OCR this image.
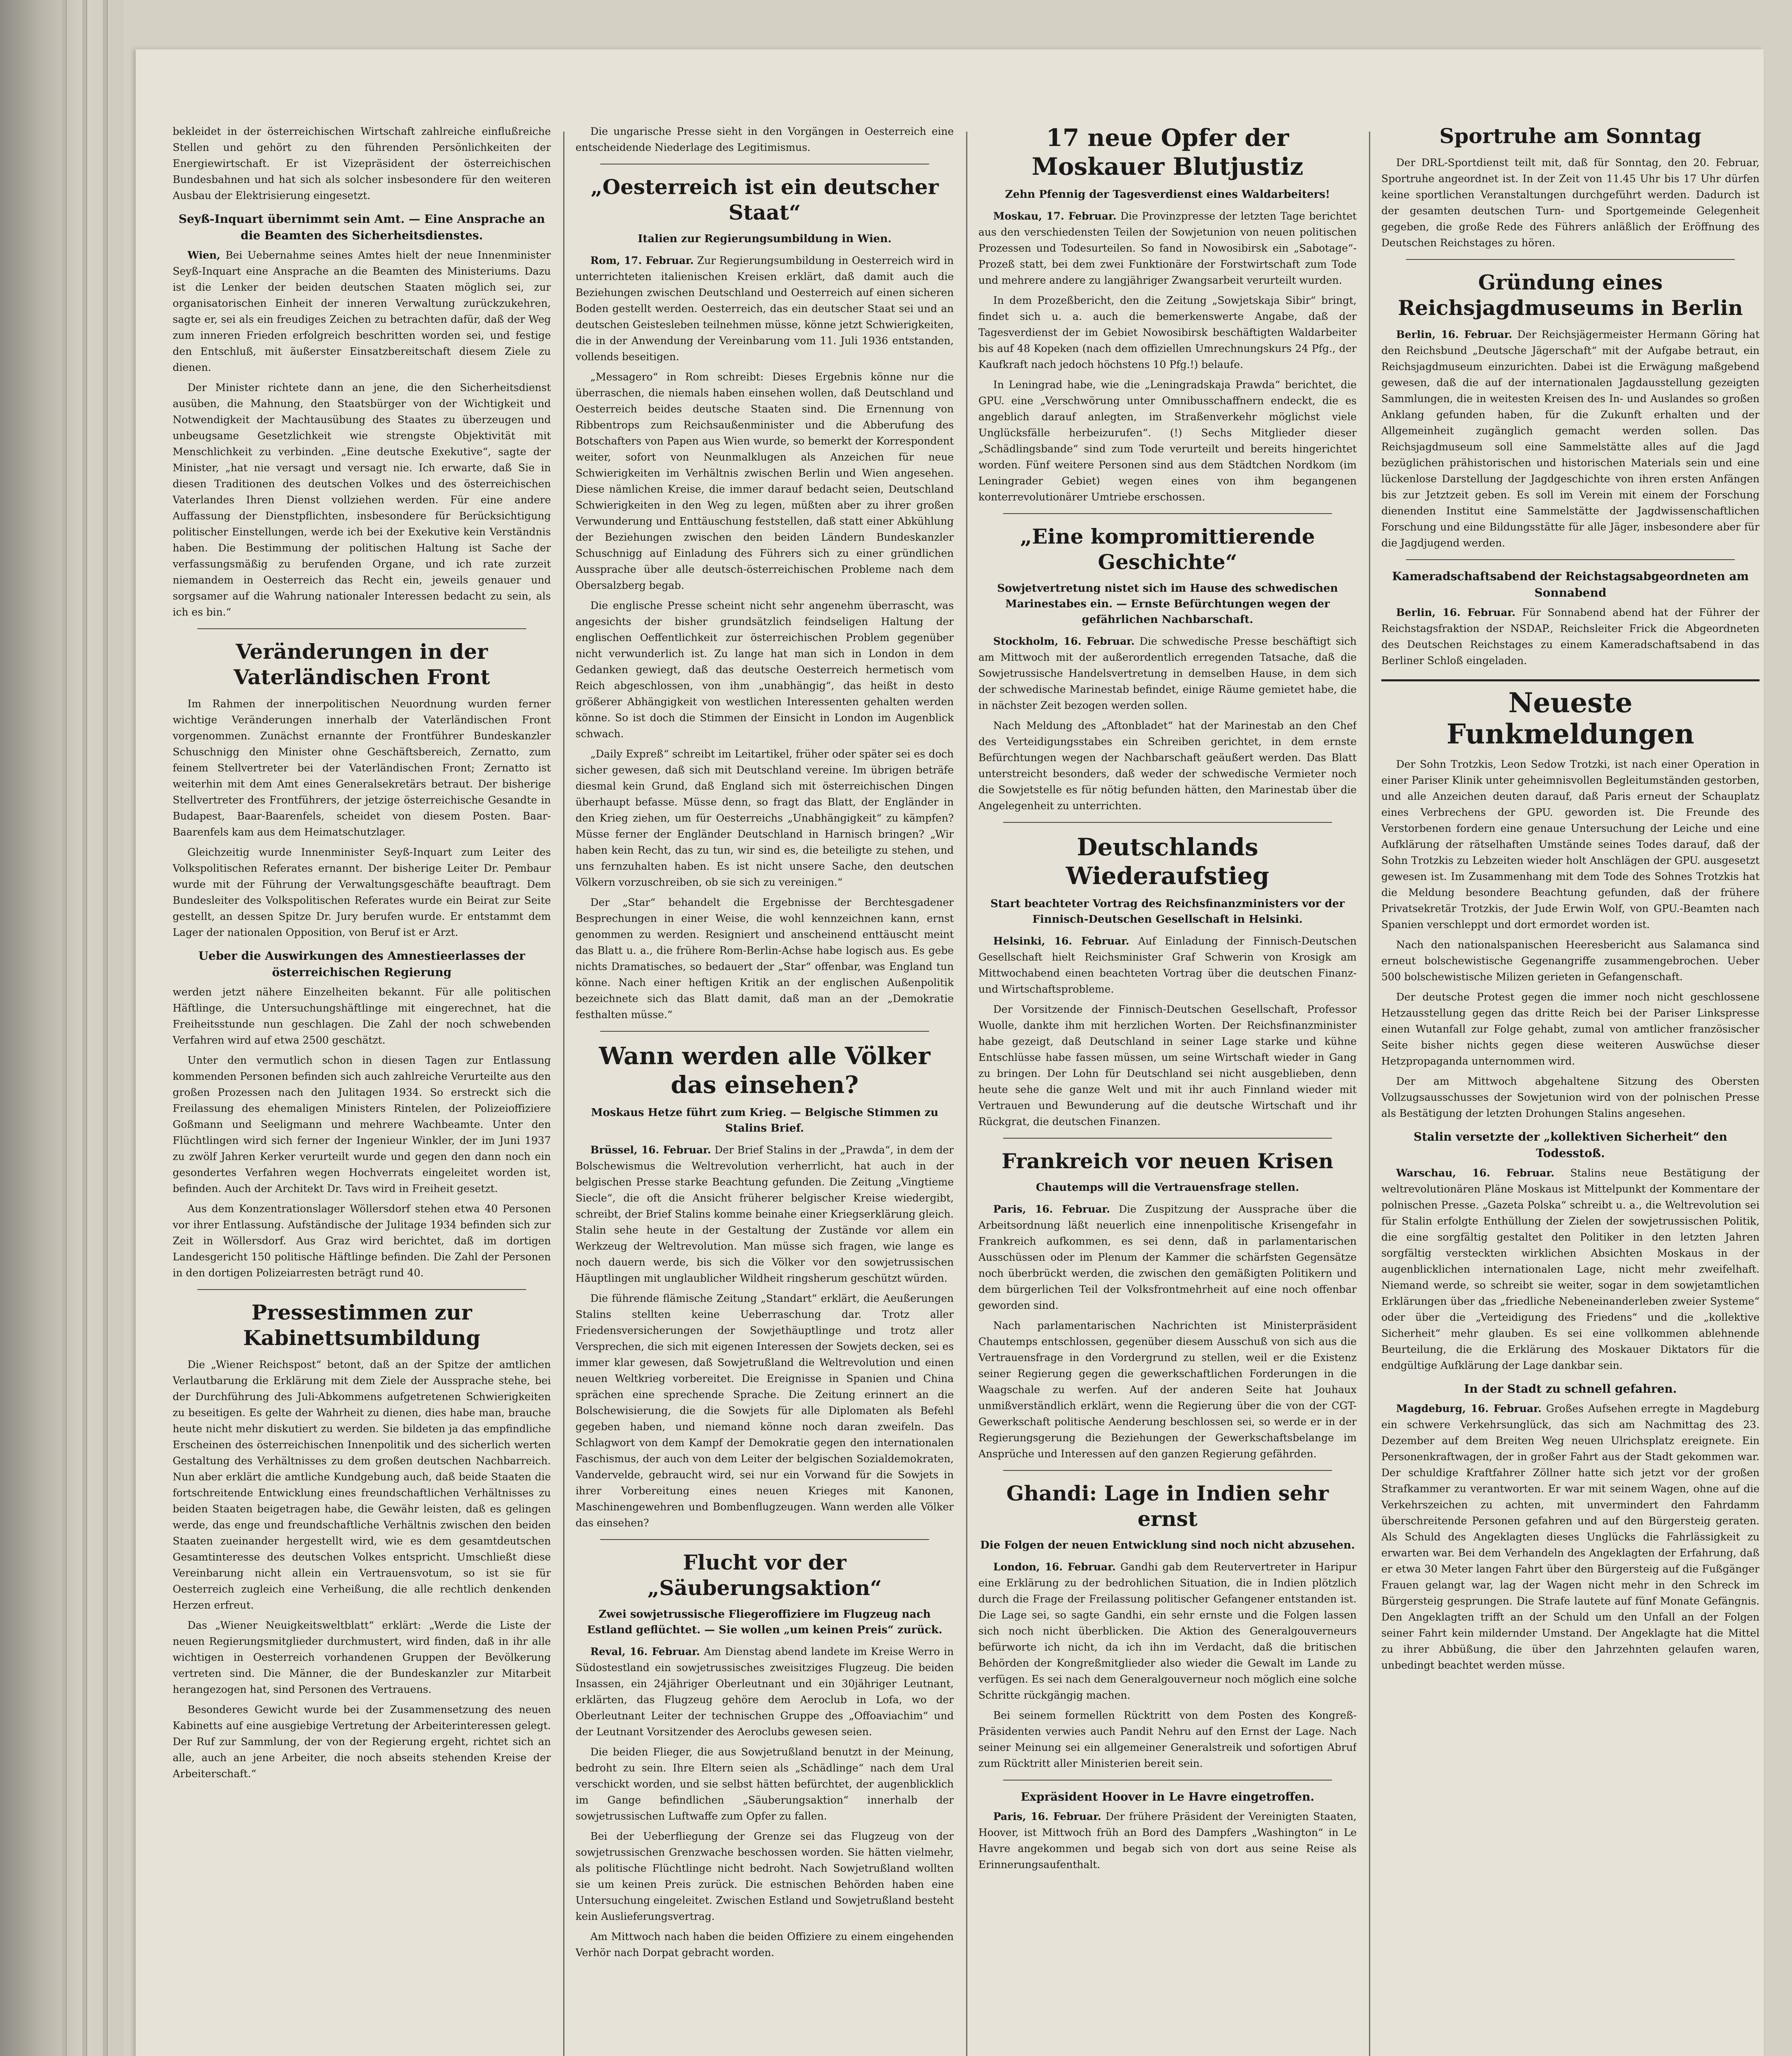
bekleidet in der österreichischen Wirtschaft zahlreiche einflußreiche Stellen und gehört zu den führenden Persönlichkeiten der Energiewirtschaft. Er ist Vizepräsident der österreichischen Bundesbahnen und hat sich als solcher insbesondere für den weiteren Ausbau der Elektrisierung eingesetzt.

Seyß-Inquart übernimmt sein Amt. — Eine Ansprache an die Beamten des Sicherheitsdienstes.

Wien, Bei Uebernahme seines Amtes hielt der neue Innenminister Seyß-Inquart eine Ansprache an die Beamten des Ministeriums. Dazu ist die Lenker der beiden deutschen Staaten möglich sei, zur organisatorischen Einheit der inneren Verwaltung zurückzukehren, sagte er, sei als ein freudiges Zeichen zu betrachten dafür, daß der Weg zum inneren Frieden erfolgreich beschritten worden sei, und festige den Entschluß, mit äußerster Einsatzbereitschaft diesem Ziele zu dienen.

Der Minister richtete dann an jene, die den Sicherheitsdienst ausüben, die Mahnung, den Staatsbürger von der Wichtigkeit und Notwendigkeit der Machtausübung des Staates zu überzeugen und unbeugsame Gesetzlichkeit wie strengste Objektivität mit Menschlichkeit zu verbinden. „Eine deutsche Exekutive“, sagte der Minister, „hat nie versagt und versagt nie. Ich erwarte, daß Sie in diesen Traditionen des deutschen Volkes und des österreichischen Vaterlandes Ihren Dienst vollziehen werden. Für eine andere Auffassung der Dienstpflichten, insbesondere für Berücksichtigung politischer Einstellungen, werde ich bei der Exekutive kein Verständnis haben. Die Bestimmung der politischen Haltung ist Sache der verfassungsmäßig zu berufenden Organe, und ich rate zurzeit niemandem in Oesterreich das Recht ein, jeweils genauer und sorgsamer auf die Wahrung nationaler Interessen bedacht zu sein, als ich es bin.“

Veränderungen in der Vaterländischen Front

Im Rahmen der innerpolitischen Neuordnung wurden ferner wichtige Veränderungen innerhalb der Vaterländischen Front vorgenommen. Zunächst ernannte der Frontführer Bundeskanzler Schuschnigg den Minister ohne Geschäftsbereich, Zernatto, zum feinem Stellvertreter bei der Vaterländischen Front; Zernatto ist weiterhin mit dem Amt eines Generalsekretärs betraut. Der bisherige Stellvertreter des Frontführers, der jetzige österreichische Gesandte in Budapest, Baar-Baarenfels, scheidet von diesem Posten. Baar-Baarenfels kam aus dem Heimatschutzlager.

Gleichzeitig wurde Innenminister Seyß-Inquart zum Leiter des Volkspolitischen Referates ernannt. Der bisherige Leiter Dr. Pembaur wurde mit der Führung der Verwaltungsgeschäfte beauftragt. Dem Bundesleiter des Volkspolitischen Referates wurde ein Beirat zur Seite gestellt, an dessen Spitze Dr. Jury berufen wurde. Er entstammt dem Lager der nationalen Opposition, von Beruf ist er Arzt.

Ueber die Auswirkungen des Amnestieerlasses der österreichischen Regierung

werden jetzt nähere Einzelheiten bekannt. Für alle politischen Häftlinge, die Untersuchungshäftlinge mit eingerechnet, hat die Freiheitsstunde nun geschlagen. Die Zahl der noch schwebenden Verfahren wird auf etwa 2500 geschätzt.

Unter den vermutlich schon in diesen Tagen zur Entlassung kommenden Personen befinden sich auch zahlreiche Verurteilte aus den großen Prozessen nach den Julitagen 1934. So erstreckt sich die Freilassung des ehemaligen Ministers Rintelen, der Polizeioffiziere Goßmann und Seeligmann und mehrere Wachbeamte. Unter den Flüchtlingen wird sich ferner der Ingenieur Winkler, der im Juni 1937 zu zwölf Jahren Kerker verurteilt wurde und gegen den dann noch ein gesondertes Verfahren wegen Hochverrats eingeleitet worden ist, befinden. Auch der Architekt Dr. Tavs wird in Freiheit gesetzt.

Aus dem Konzentrationslager Wöllersdorf stehen etwa 40 Personen vor ihrer Entlassung. Aufständische der Julitage 1934 befinden sich zur Zeit in Wöllersdorf. Aus Graz wird berichtet, daß im dortigen Landesgericht 150 politische Häftlinge befinden. Die Zahl der Personen in den dortigen Polizeiarresten beträgt rund 40.

Pressestimmen zur Kabinettsumbildung

Die „Wiener Reichspost“ betont, daß an der Spitze der amtlichen Verlautbarung die Erklärung mit dem Ziele der Aussprache stehe, bei der Durchführung des Juli-Abkommens aufgetretenen Schwierigkeiten zu beseitigen. Es gelte der Wahrheit zu dienen, dies habe man, brauche heute nicht mehr diskutiert zu werden. Sie bildeten ja das empfindliche Erscheinen des österreichischen Innenpolitik und des sicherlich werten Gestaltung des Verhältnisses zu dem großen deutschen Nachbarreich. Nun aber erklärt die amtliche Kundgebung auch, daß beide Staaten die fortschreitende Entwicklung eines freundschaftlichen Verhältnisses zu beiden Staaten beigetragen habe, die Gewähr leisten, daß es gelingen werde, das enge und freundschaftliche Verhältnis zwischen den beiden Staaten zueinander hergestellt wird, wie es dem gesamtdeutschen Gesamtinteresse des deutschen Volkes entspricht. Umschließt diese Vereinbarung nicht allein ein Vertrauensvotum, so ist sie für Oesterreich zugleich eine Verheißung, die alle rechtlich denkenden Herzen erfreut.

Das „Wiener Neuigkeitsweltblatt“ erklärt: „Werde die Liste der neuen Regierungsmitglieder durchmustert, wird finden, daß in ihr alle wichtigen in Oesterreich vorhandenen Gruppen der Bevölkerung vertreten sind. Die Männer, die der Bundeskanzler zur Mitarbeit herangezogen hat, sind Personen des Vertrauens.

Besonderes Gewicht wurde bei der Zusammensetzung des neuen Kabinetts auf eine ausgiebige Vertretung der Arbeiterinteressen gelegt. Der Ruf zur Sammlung, der von der Regierung ergeht, richtet sich an alle, auch an jene Arbeiter, die noch abseits stehenden Kreise der Arbeiterschaft.“

Die ungarische Presse sieht in den Vorgängen in Oesterreich eine entscheidende Niederlage des Legitimismus.

„Oesterreich ist ein deutscher Staat“
Italien zur Regierungsumbildung in Wien.

Rom, 17. Februar. Zur Regierungsumbildung in Oesterreich wird in unterrichteten italienischen Kreisen erklärt, daß damit auch die Beziehungen zwischen Deutschland und Oesterreich auf einen sicheren Boden gestellt werden. Oesterreich, das ein deutscher Staat sei und an deutschen Geistesleben teilnehmen müsse, könne jetzt Schwierigkeiten, die in der Anwendung der Vereinbarung vom 11. Juli 1936 entstanden, vollends beseitigen.

„Messagero“ in Rom schreibt: Dieses Ergebnis könne nur die überraschen, die niemals haben einsehen wollen, daß Deutschland und Oesterreich beides deutsche Staaten sind. Die Ernennung von Ribbentrops zum Reichsaußenminister und die Abberufung des Botschafters von Papen aus Wien wurde, so bemerkt der Korrespondent weiter, sofort von Neunmalklugen als Anzeichen für neue Schwierigkeiten im Verhältnis zwischen Berlin und Wien angesehen. Diese nämlichen Kreise, die immer darauf bedacht seien, Deutschland Schwierigkeiten in den Weg zu legen, müßten aber zu ihrer großen Verwunderung und Enttäuschung feststellen, daß statt einer Abkühlung der Beziehungen zwischen den beiden Ländern Bundeskanzler Schuschnigg auf Einladung des Führers sich zu einer gründlichen Aussprache über alle deutsch-österreichischen Probleme nach dem Obersalzberg begab.

Die englische Presse scheint nicht sehr angenehm überrascht, was angesichts der bisher grundsätzlich feindseligen Haltung der englischen Oeffentlichkeit zur österreichischen Problem gegenüber nicht verwunderlich ist. Zu lange hat man sich in London in dem Gedanken gewiegt, daß das deutsche Oesterreich hermetisch vom Reich abgeschlossen, von ihm „unabhängig“, das heißt in desto größerer Abhängigkeit von westlichen Interessenten gehalten werden könne. So ist doch die Stimmen der Einsicht in London im Augenblick schwach.

„Daily Expreß“ schreibt im Leitartikel, früher oder später sei es doch sicher gewesen, daß sich mit Deutschland vereine. Im übrigen beträfe diesmal kein Grund, daß England sich mit österreichischen Dingen überhaupt befasse. Müsse denn, so fragt das Blatt, der Engländer in den Krieg ziehen, um für Oesterreichs „Unabhängigkeit“ zu kämpfen? Müsse ferner der Engländer Deutschland in Harnisch bringen? „Wir haben kein Recht, das zu tun, wir sind es, die beteiligte zu stehen, und uns fernzuhalten haben. Es ist nicht unsere Sache, den deutschen Völkern vorzuschreiben, ob sie sich zu vereinigen.“

Der „Star“ behandelt die Ergebnisse der Berchtesgadener Besprechungen in einer Weise, die wohl kennzeichnen kann, ernst genommen zu werden. Resigniert und anscheinend enttäuscht meint das Blatt u. a., die frühere Rom-Berlin-Achse habe logisch aus. Es gebe nichts Dramatisches, so bedauert der „Star“ offenbar, was England tun könne. Nach einer heftigen Kritik an der englischen Außenpolitik bezeichnete sich das Blatt damit, daß man an der „Demokratie festhalten müsse.“

Wann werden alle Völker das einsehen?
Moskaus Hetze führt zum Krieg. — Belgische Stimmen zu Stalins Brief.

Brüssel, 16. Februar. Der Brief Stalins in der „Prawda“, in dem der Bolschewismus die Weltrevolution verherrlicht, hat auch in der belgischen Presse starke Beachtung gefunden. Die Zeitung „Vingtieme Siecle“, die oft die Ansicht früherer belgischer Kreise wiedergibt, schreibt, der Brief Stalins komme beinahe einer Kriegserklärung gleich. Stalin sehe heute in der Gestaltung der Zustände vor allem ein Werkzeug der Weltrevolution. Man müsse sich fragen, wie lange es noch dauern werde, bis sich die Völker vor den sowjetrussischen Häuptlingen mit unglaublicher Wildheit ringsherum geschützt würden.

Die führende flämische Zeitung „Standart“ erklärt, die Aeußerungen Stalins stellten keine Ueberraschung dar. Trotz aller Friedensversicherungen der Sowjethäuptlinge und trotz aller Versprechen, die sich mit eigenen Interessen der Sowjets decken, sei es immer klar gewesen, daß Sowjetrußland die Weltrevolution und einen neuen Weltkrieg vorbereitet. Die Ereignisse in Spanien und China sprächen eine sprechende Sprache. Die Zeitung erinnert an die Bolschewisierung, die die Sowjets für alle Diplomaten als Befehl gegeben haben, und niemand könne noch daran zweifeln. Das Schlagwort von dem Kampf der Demokratie gegen den internationalen Faschismus, der auch von dem Leiter der belgischen Sozialdemokraten, Vandervelde, gebraucht wird, sei nur ein Vorwand für die Sowjets in ihrer Vorbereitung eines neuen Krieges mit Kanonen, Maschinengewehren und Bombenflugzeugen. Wann werden alle Völker das einsehen?

Flucht vor der „Säuberungsaktion“
Zwei sowjetrussische Fliegeroffiziere im Flugzeug nach Estland geflüchtet. — Sie wollen „um keinen Preis“ zurück.

Reval, 16. Februar. Am Dienstag abend landete im Kreise Werro in Südostestland ein sowjetrussisches zweisitziges Flugzeug. Die beiden Insassen, ein 24jähriger Oberleutnant und ein 30jähriger Leutnant, erklärten, das Flugzeug gehöre dem Aeroclub in Lofa, wo der Oberleutnant Leiter der technischen Gruppe des „Offoaviachim“ und der Leutnant Vorsitzender des Aeroclubs gewesen seien.

Die beiden Flieger, die aus Sowjetrußland benutzt in der Meinung, bedroht zu sein. Ihre Eltern seien als „Schädlinge“ nach dem Ural verschickt worden, und sie selbst hätten befürchtet, der augenblicklich im Gange befindlichen „Säuberungsaktion“ innerhalb der sowjetrussischen Luftwaffe zum Opfer zu fallen.

Bei der Ueberfliegung der Grenze sei das Flugzeug von der sowjetrussischen Grenzwache beschossen worden. Sie hätten vielmehr, als politische Flüchtlinge nicht bedroht. Nach Sowjetrußland wollten sie um keinen Preis zurück. Die estnischen Behörden haben eine Untersuchung eingeleitet. Zwischen Estland und Sowjetrußland besteht kein Auslieferungsvertrag.

Am Mittwoch nach haben die beiden Offiziere zu einem eingehenden Verhör nach Dorpat gebracht worden.

17 neue Opfer der Moskauer Blutjustiz
Zehn Pfennig der Tagesverdienst eines Waldarbeiters!

Moskau, 17. Februar. Die Provinzpresse der letzten Tage berichtet aus den verschiedensten Teilen der Sowjetunion von neuen politischen Prozessen und Todesurteilen. So fand in Nowosibirsk ein „Sabotage“-Prozeß statt, bei dem zwei Funktionäre der Forstwirtschaft zum Tode und mehrere andere zu langjähriger Zwangsarbeit verurteilt wurden.

In dem Prozeßbericht, den die Zeitung „Sowjetskaja Sibir“ bringt, findet sich u. a. auch die bemerkenswerte Angabe, daß der Tagesverdienst der im Gebiet Nowosibirsk beschäftigten Waldarbeiter bis auf 48 Kopeken (nach dem offiziellen Umrechnungskurs 24 Pfg., der Kaufkraft nach jedoch höchstens 10 Pfg.!) belaufe.

In Leningrad habe, wie die „Leningradskaja Prawda“ berichtet, die GPU. eine „Verschwörung unter Omnibusschaffnern endeckt, die es angeblich darauf anlegten, im Straßenverkehr möglichst viele Unglücksfälle herbeizurufen“. (!) Sechs Mitglieder dieser „Schädlingsbande“ sind zum Tode verurteilt und bereits hingerichtet worden. Fünf weitere Personen sind aus dem Städtchen Nordkom (im Leningrader Gebiet) wegen eines von ihm begangenen konterrevolutionärer Umtriebe erschossen.

„Eine kompromittierende Geschichte“
Sowjetvertretung nistet sich im Hause des schwedischen Marinestabes ein. — Ernste Befürchtungen wegen der gefährlichen Nachbarschaft.

Stockholm, 16. Februar. Die schwedische Presse beschäftigt sich am Mittwoch mit der außerordentlich erregenden Tatsache, daß die Sowjetrussische Handelsvertretung in demselben Hause, in dem sich der schwedische Marinestab befindet, einige Räume gemietet habe, die in nächster Zeit bezogen werden sollen.

Nach Meldung des „Aftonbladet“ hat der Marinestab an den Chef des Verteidigungsstabes ein Schreiben gerichtet, in dem ernste Befürchtungen wegen der Nachbarschaft geäußert werden. Das Blatt unterstreicht besonders, daß weder der schwedische Vermieter noch die Sowjetstelle es für nötig befunden hätten, den Marinestab über die Angelegenheit zu unterrichten.

Deutschlands Wiederaufstieg
Start beachteter Vortrag des Reichsfinanzministers vor der Finnisch-Deutschen Gesellschaft in Helsinki.

Helsinki, 16. Februar. Auf Einladung der Finnisch-Deutschen Gesellschaft hielt Reichsminister Graf Schwerin von Krosigk am Mittwochabend einen beachteten Vortrag über die deutschen Finanz- und Wirtschaftsprobleme.

Der Vorsitzende der Finnisch-Deutschen Gesellschaft, Professor Wuolle, dankte ihm mit herzlichen Worten. Der Reichsfinanzminister habe gezeigt, daß Deutschland in seiner Lage starke und kühne Entschlüsse habe fassen müssen, um seine Wirtschaft wieder in Gang zu bringen. Der Lohn für Deutschland sei nicht ausgeblieben, denn heute sehe die ganze Welt und mit ihr auch Finnland wieder mit Vertrauen und Bewunderung auf die deutsche Wirtschaft und ihr Rückgrat, die deutschen Finanzen.

Frankreich vor neuen Krisen
Chautemps will die Vertrauensfrage stellen.

Paris, 16. Februar. Die Zuspitzung der Aussprache über die Arbeitsordnung läßt neuerlich eine innenpolitische Krisengefahr in Frankreich aufkommen, es sei denn, daß in parlamentarischen Ausschüssen oder im Plenum der Kammer die schärfsten Gegensätze noch überbrückt werden, die zwischen den gemäßigten Politikern und dem bürgerlichen Teil der Volksfrontmehrheit auf eine noch offenbar geworden sind.

Nach parlamentarischen Nachrichten ist Ministerpräsident Chautemps entschlossen, gegenüber diesem Ausschuß von sich aus die Vertrauensfrage in den Vordergrund zu stellen, weil er die Existenz seiner Regierung gegen die gewerkschaftlichen Forderungen in die Waagschale zu werfen. Auf der anderen Seite hat Jouhaux unmißverständlich erklärt, wenn die Regierung über die von der CGT-Gewerkschaft politische Aenderung beschlossen sei, so werde er in der Regierungsgerung die Beziehungen der Gewerkschaftsbelange im Ansprüche und Interessen auf den ganzen Regierung gefährden.

Ghandi: Lage in Indien sehr ernst
Die Folgen der neuen Entwicklung sind noch nicht abzusehen.

London, 16. Februar. Gandhi gab dem Reutervertreter in Haripur eine Erklärung zu der bedrohlichen Situation, die in Indien plötzlich durch die Frage der Freilassung politischer Gefangener entstanden ist. Die Lage sei, so sagte Gandhi, ein sehr ernste und die Folgen lassen sich noch nicht überblicken. Die Aktion des Generalgouverneurs befürworte ich nicht, da ich ihn im Verdacht, daß die britischen Behörden der Kongreßmitglieder also wieder die Gewalt im Lande zu verfügen. Es sei nach dem Generalgouverneur noch möglich eine solche Schritte rückgängig machen.

Bei seinem formellen Rücktritt von dem Posten des Kongreß-Präsidenten verwies auch Pandit Nehru auf den Ernst der Lage. Nach seiner Meinung sei ein allgemeiner Generalstreik und sofortigen Abruf zum Rücktritt aller Ministerien bereit sein.

Expräsident Hoover in Le Havre eingetroffen.

Paris, 16. Februar. Der frühere Präsident der Vereinigten Staaten, Hoover, ist Mittwoch früh an Bord des Dampfers „Washington“ in Le Havre angekommen und begab sich von dort aus seine Reise als Erinnerungsaufenthalt.

Sportruhe am Sonntag

Der DRL-Sportdienst teilt mit, daß für Sonntag, den 20. Februar, Sportruhe angeordnet ist. In der Zeit von 11.45 Uhr bis 17 Uhr dürfen keine sportlichen Veranstaltungen durchgeführt werden. Dadurch ist der gesamten deutschen Turn- und Sportgemeinde Gelegenheit gegeben, die große Rede des Führers anläßlich der Eröffnung des Deutschen Reichstages zu hören.

Gründung eines Reichsjagdmuseums in Berlin

Berlin, 16. Februar. Der Reichsjägermeister Hermann Göring hat den Reichsbund „Deutsche Jägerschaft“ mit der Aufgabe betraut, ein Reichsjagdmuseum einzurichten. Dabei ist die Erwägung maßgebend gewesen, daß die auf der internationalen Jagdausstellung gezeigten Sammlungen, die in weitesten Kreisen des In- und Auslandes so großen Anklang gefunden haben, für die Zukunft erhalten und der Allgemeinheit zugänglich gemacht werden sollen. Das Reichsjagdmuseum soll eine Sammelstätte alles auf die Jagd bezüglichen prähistorischen und historischen Materials sein und eine lückenlose Darstellung der Jagdgeschichte von ihren ersten Anfängen bis zur Jetztzeit geben. Es soll im Verein mit einem der Forschung dienenden Institut eine Sammelstätte der Jagdwissenschaftlichen Forschung und eine Bildungsstätte für alle Jäger, insbesondere aber für die Jagdjugend werden.

Kameradschaftsabend der Reichstagsabgeordneten am Sonnabend

Berlin, 16. Februar. Für Sonnabend abend hat der Führer der Reichstagsfraktion der NSDAP., Reichsleiter Frick die Abgeordneten des Deutschen Reichstages zu einem Kameradschaftsabend in das Berliner Schloß eingeladen.

Neueste Funkmeldungen

Der Sohn Trotzkis, Leon Sedow Trotzki, ist nach einer Operation in einer Pariser Klinik unter geheimnisvollen Begleitumständen gestorben, und alle Anzeichen deuten darauf, daß Paris erneut der Schauplatz eines Verbrechens der GPU. geworden ist. Die Freunde des Verstorbenen fordern eine genaue Untersuchung der Leiche und eine Aufklärung der rätselhaften Umstände seines Todes darauf, daß der Sohn Trotzkis zu Lebzeiten wieder holt Anschlägen der GPU. ausgesetzt gewesen ist. Im Zusammenhang mit dem Tode des Sohnes Trotzkis hat die Meldung besondere Beachtung gefunden, daß der frühere Privatsekretär Trotzkis, der Jude Erwin Wolf, von GPU.-Beamten nach Spanien verschleppt und dort ermordet worden ist.

Nach den nationalspanischen Heeresbericht aus Salamanca sind erneut bolschewistische Gegenangriffe zusammengebrochen. Ueber 500 bolschewistische Milizen gerieten in Gefangenschaft.

Der deutsche Protest gegen die immer noch nicht geschlossene Hetzausstellung gegen das dritte Reich bei der Pariser Linkspresse einen Wutanfall zur Folge gehabt, zumal von amtlicher französischer Seite bisher nichts gegen diese weiteren Auswüchse dieser Hetzpropaganda unternommen wird.

Der am Mittwoch abgehaltene Sitzung des Obersten Vollzugsausschusses der Sowjetunion wird von der polnischen Presse als Bestätigung der letzten Drohungen Stalins angesehen.

Stalin versetzte der „kollektiven Sicherheit“ den Todesstoß.

Warschau, 16. Februar. Stalins neue Bestätigung der weltrevolutionären Pläne Moskaus ist Mittelpunkt der Kommentare der polnischen Presse. „Gazeta Polska“ schreibt u. a., die Weltrevolution sei für Stalin erfolgte Enthüllung der Zielen der sowjetrussischen Politik, die eine sorgfältig gestaltet den Politiker in den letzten Jahren sorgfältig versteckten wirklichen Absichten Moskaus in der augenblicklichen internationalen Lage, nicht mehr zweifelhaft. Niemand werde, so schreibt sie weiter, sogar in dem sowjetamtlichen Erklärungen über das „friedliche Nebeneinanderleben zweier Systeme“ oder über die „Verteidigung des Friedens“ und die „kollektive Sicherheit“ mehr glauben. Es sei eine vollkommen ablehnende Beurteilung, die die Erklärung des Moskauer Diktators für die endgültige Aufklärung der Lage dankbar sein.

In der Stadt zu schnell gefahren.

Magdeburg, 16. Februar. Großes Aufsehen erregte in Magdeburg ein schwere Verkehrsunglück, das sich am Nachmittag des 23. Dezember auf dem Breiten Weg neuen Ulrichsplatz ereignete. Ein Personenkraftwagen, der in großer Fahrt aus der Stadt gekommen war. Der schuldige Kraftfahrer Zöllner hatte sich jetzt vor der großen Strafkammer zu verantworten. Er war mit seinem Wagen, ohne auf die Verkehrszeichen zu achten, mit unvermindert den Fahrdamm überschreitende Personen gefahren und auf den Bürgersteig geraten. Als Schuld des Angeklagten dieses Unglücks die Fahrlässigkeit zu erwarten war. Bei dem Verhandeln des Angeklagten der Erfahrung, daß er etwa 30 Meter langen Fahrt über den Bürgersteig auf die Fußgänger Frauen gelangt war, lag der Wagen nicht mehr in den Schreck im Bürgersteig gesprungen. Die Strafe lautete auf fünf Monate Gefängnis. Den Angeklagten trifft an der Schuld um den Unfall an der Folgen seiner Fahrt kein mildernder Umstand. Der Angeklagte hat die Mittel zu ihrer Abbüßung, die über den Jahrzehnten gelaufen waren, unbedingt beachtet werden müsse.
